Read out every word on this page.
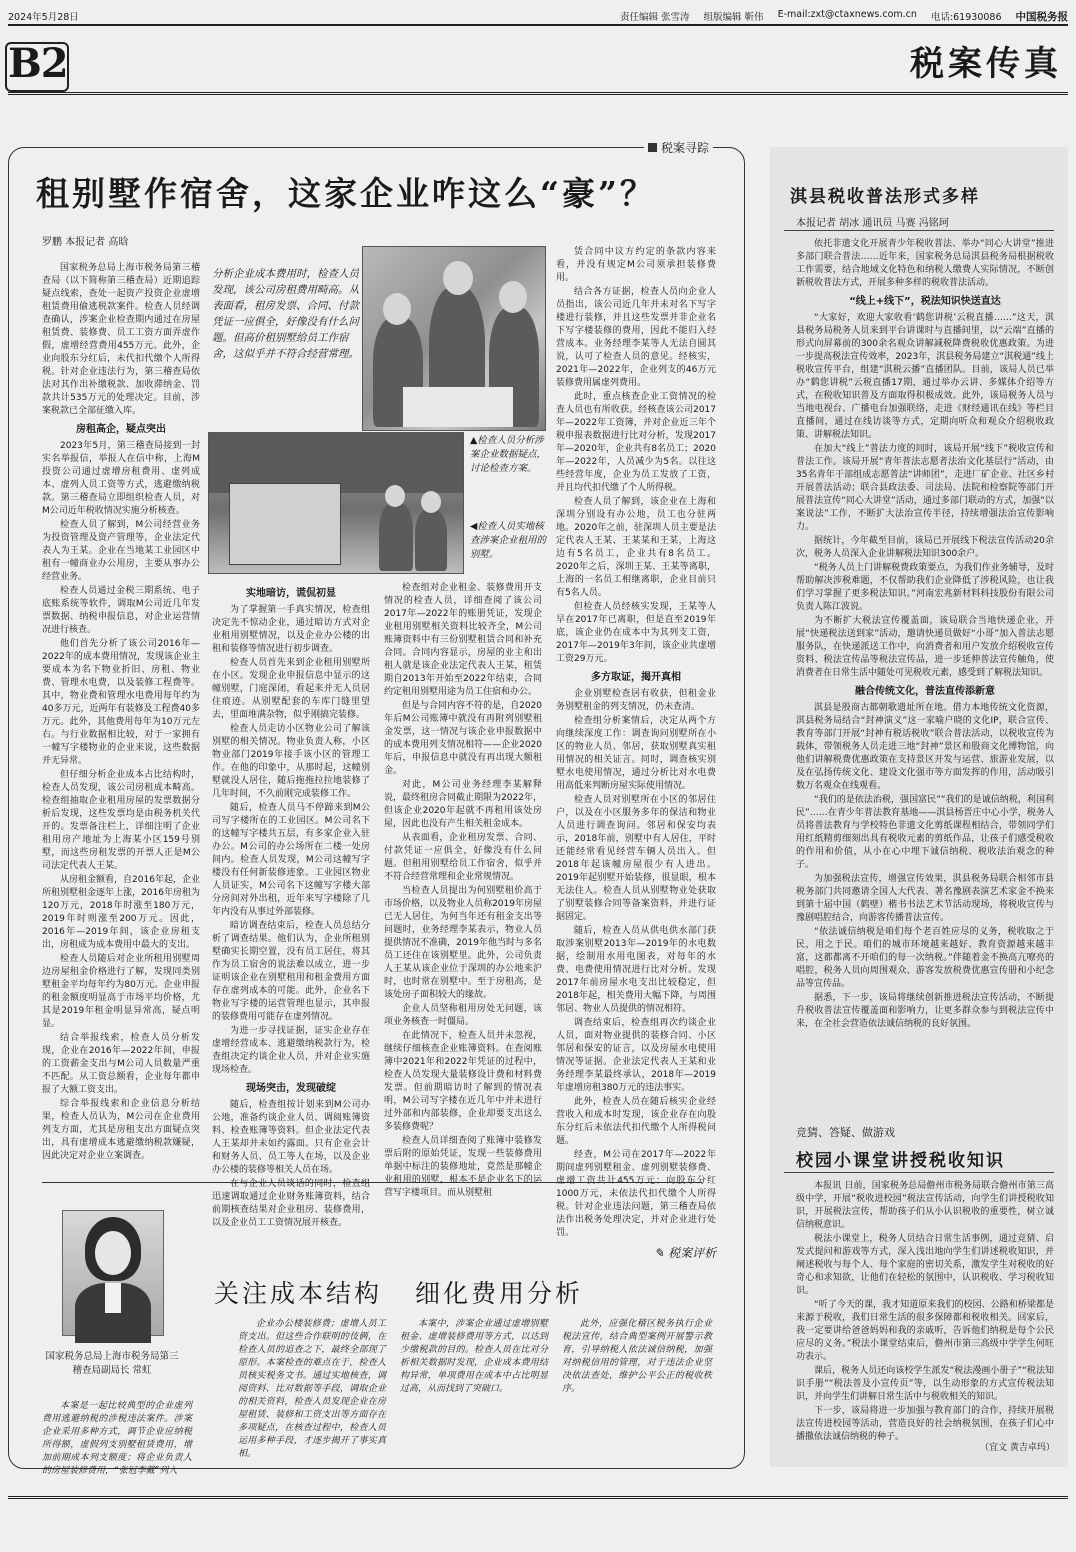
2024年5月28日	责任编辑 张雪涛 组版编辑 靳伟 E-mail:zxt@ctaxnews.com.cn 电话:61930086 中国税务报
B2	税案传真
税案寻踪
租别墅作宿舍，这家企业咋这么“豪”？
罗鹏 本报记者 高晗

国家税务总局上海市税务局第三稽查局（以下简称第三稽查局）近期追踪疑点线索，查处一起资产投资企业虚增租赁费用偷逃税款案件。检查人员经调查确认，涉案企业检查期内通过在房屋租赁费、装修费、员工工资方面弄虚作假，虚增经营费用455万元。此外，企业向股东分红后，未代扣代缴个人所得税。针对企业违法行为，第三稽查局依法对其作出补缴税款、加收滞纳金、罚款共计535万元的处理决定。目前，涉案税款已全部征缴入库。

房租高企，疑点突出

2023年5月，第三稽查局接到一封实名举报信，举报人在信中称，上海M投资公司通过虚增房租费用、虚列成本、虚列人员工资等方式，逃避缴纳税款。第三稽查局立即组织检查人员，对M公司近年税收情况实施分析核查。

检查人员了解到，M公司经营业务为投资管理及资产管理等，企业法定代表人为王某。企业在当地某工业园区中租有一幢商业办公用房，主要从事办公经营业务。

检查人员通过金税三期系统、电子底账系统等软件，调取M公司近几年发票数据、纳税申报信息，对企业运营情况进行核查。

他们首先分析了该公司2016年—2022年的成本费用情况，发现该企业主要成本为名下物业折旧、房租、物业费、管理水电费，以及装修工程费等。其中，物业费和管理水电费用每年约为40多万元，近两年有装修及工程费40多万元。此外，其他费用每年为10万元左右。与行业数据相比较，对于一家拥有一幢写字楼物业的企业来说，这些数据并无异常。

但仔细分析企业成本占比结构时，检查人员发现，该公司房租成本畸高。检查组抽取企业租用房屋的发票数据分析后发现，这些发票均是由税务机关代开的。发票备注栏上，详细注明了企业租用房产地址为上海某小区159号别墅，而这些房租发票的开票人正是M公司法定代表人王某。

从房租金额看，自2016年起，企业所租别墅租金逐年上涨，2016年房租为120万元，2018年时涨至180万元，2019年时则涨至200万元。因此，2016年—2019年间，该企业房租支出，房租成为成本费用中最大的支出。

检查人员随后对企业所租用别墅周边房屋租金价格进行了解，发现同类别墅租金平均每年约为80万元。企业申报的租金额度明显高于市场平均价格，尤其是2019年租金明显异常高，疑点明显。

结合举报线索，检查人员分析发现，企业在2016年—2022年间，申报的工资薪金支出与M公司人员数量严重不匹配。从工资总额看，企业每年都申报了大额工资支出。

综合举报线索和企业信息分析结果，检查人员认为，M公司在企业费用列支方面，尤其是房租支出方面疑点突出，具有虚增成本逃避缴纳税款嫌疑，因此决定对企业立案调查。

分析企业成本费用时，检查人员发现，该公司房租费用畸高。从表面看，租房发票、合同、付款凭证一应俱全，好像没有什么问题。但高价租别墅给员工作宿舍，这似乎并不符合经营常理。
▲检查人员分析涉案企业数据疑点，讨论检查方案。
◀检查人员实地核查涉案企业租用的别墅。
实地暗访，谎侃初显

为了掌握第一手真实情况，检查组决定先不惊动企业，通过暗访方式对企业租用别墅情况，以及企业办公楼的出租和装修等情况进行初步调查。

检查人员首先来到企业租用别墅所在小区。发现企业申报信息中显示的这幢别墅，门庭深闭，看起来并无人员居住痕迹。从别墅配套的车库门缝里望去，里面堆满杂物，似乎刚搞完装修。

检查人员走访小区物业公司了解该别墅的相关情况。物业负责人称，小区物业部门2019年接手该小区的管理工作。在他的印象中，从那时起，这幢别墅就没人居住，随后拖拖拉拉地装修了几年时间，不久前刚完成装修工作。

随后，检查人员马不停蹄来到M公司写字楼所在的工业园区。M公司名下的这幢写字楼共五层，有多家企业入驻办公。M公司的办公场所在二楼一处房间内。检查人员发现，M公司这幢写字楼没有任何新装修迹象。工业园区物业人员证实，M公司名下这幢写字楼大部分房间对外出租，近年来写字楼除了几年内没有从事过外部装修。

暗访调查结束后，检查人员总结分析了调查结果。他们认为，企业所租别墅确实长期空置，没有员工居住，将其作为员工宿舍的说法难以成立，进一步证明该企业在别墅租用和租金费用方面存在虚列成本的可能。此外，企业名下物业写字楼的运营管理也显示，其申报的装修费用可能存在虚列情况。

为进一步寻找证据，证实企业存在虚增经营成本、逃避缴纳税款行为，检查组决定约谈企业人员，并对企业实施现场检查。

现场突击，发现破绽

随后，检查组按计划来到M公司办公地，准备约谈企业人员、调阅账簿资料、检查账簿等资料。但企业法定代表人王某却并未如约露面。只有企业会计和财务人员、员工等人在场，以及企业办公楼的装修等相关人员在场。

在与企业人员谈话的同时，检查组迅速调取通过企业财务账簿资料，结合前期核查结果对企业租房、装修费用，以及企业员工工资情况展开核查。

检查组对企业租金、装修费用开支情况的检查人员，详细查阅了该公司2017年—2022年的账册凭证，发现企业租用别墅相关资料比较齐全，M公司账簿资料中有三份别墅租赁合同和补充合同。合同内容显示，房屋的业主和出租人就是该企业法定代表人王某，租赁期自2013年开始至2022年结束，合同约定租用别墅用途为员工住宿和办公。

但是与合同内容不符的是，自2020年后M公司账簿中就没有再附列别墅租金发票，这一情况与该企业申报数据中的成本费用列支情况相符——企业2020年后，申报信息中就没有再出现大额租金。

对此，M公司业务经理李某解释说，最终租房合同截止期限为2022年，但该企业2020年起就不再租用该处房屋，因此也没有产生相关租金成本。

从表面看，企业租房发票、合同、付款凭证一应俱全，好像没有什么问题。但租用别墅给员工作宿舍，似乎并不符合经营常理和企业常规情况。

当检查人员提出为何别墅租价高于市场价格，以及物业人员称2019年房屋已无人居住，为何当年还有租金支出等问题时，业务经理李某表示，物业人员提供情况不准确，2019年他当时与多名员工还住在该别墅里。此外，公司负责人王某从该企业位于深圳的办公地来沪时，也时常在别墅中。至于房租高，是该处房子面积较大的缘故。

企业人员坚称租用房处无问题，该项业务核查一时僵局。

在此情况下，检查人员并未忽视，继续仔细核查企业账簿资料。在查阅账簿中2021年和2022年凭证的过程中，检查人员发现大量装修设计费和材料费发票。但前期暗访时了解到的情况表明，M公司写字楼在近几年中并未进行过外部和内部装修，企业却要支出这么多装修费呢？

检查人员详细查阅了账簿中装修发票后附的原始凭证，发现一些装修费用单据中标注的装修地址，竟然是那幢企业租用的别墅，根本不是企业名下的运营写字楼项目。而从别墅租

赁合同中议方约定的条款内容来看，并没有规定M公司须承担装修费用。

结合各方证据，检查人员向企业人员指出，该公司近几年并未对名下写字楼进行装修，并且这些发票并非企业名下写字楼装修的费用，因此不能归入经营成本。业务经理李某等人无法自圆其说，认可了检查人员的意见。经核实，2021年—2022年，企业列支的46万元装修费用属虚列费用。

此时，重点核查企业工资情况的检查人员也有所收获。经核查该公司2017年—2022年工资簿，并对企业近三年个税申报表数据进行比对分析，发现2017年—2020年，企业共有8名员工；2020年—2022年，人员减少为5名。以往这些经营年度，企业为员工发放了工资，并且均代扣代缴了个人所得税。

检查人员了解到，该企业在上海和深圳分别设有办公地，员工也分驻两地。2020年之前，驻深圳人员主要是法定代表人王某、王某某和王某，上海这边有5名员工，企业共有8名员工。2020年之后，深圳王某、王某等离职，上海的一名员工相继离职，企业目前只有5名人员。

但检查人员经核实发现，王某等人早在2017年已离职，但是直至2019年底，该企业仍在成本中为其列支工资，2017年—2019年3年间，该企业共虚增工资29万元。

多方取证，揭开真相

企业别墅检查居有收获，但租金业务别墅租金的列支情况，仍未查清。

检查组分析案情后，决定从两个方向继续深度工作：调查询问别墅所在小区的物业人员、邻居，获取别墅真实租用情况的相关证言。同时，调查核实别墅水电使用情况，通过分析比对水电费用高低来判断房屋实际使用情况。

检查人员对别墅所在小区的邻居住户，以及在小区服务多年的保洁和物业人员进行调查询问。邻居和保安均表示，2018年前，别墅中有人居住，平时还能经常看见经营车辆人员出入。但2018年起该幢房屋很少有人进出。2019年起别墅开始装修，很显眼，根本无法住人。检查人员从别墅物业处获取了别墅装修合同等备案资料，并进行证据固定。

随后，检查人员从供电供水部门获取涉案别墅2013年—2019年的水电数据，绘制用水用电图表，对每年的水费、电费使用情况进行比对分析。发现2017年前房屋水电支出比较稳定，但2018年起，相关费用大幅下降，与周围邻居、物业人员提供的情况相符。

调查结束后，检查组再次约谈企业人员，面对物业提供的装修合同、小区邻居和保安的证言，以及房屋水电使用情况等证据。企业法定代表人王某和业务经理李某最终承认，2018年—2019年虚增房租380万元的违法事实。

此外，检查人员在随后核实企业经营收入和成本时发现，该企业存在向股东分红后未依法代扣代缴个人所得税问题。

经查，M公司在2017年—2022年期间虚列别墅租金、虚列别墅装修费、虚增工资共计455万元；向股东分红1000万元，未依法代扣代缴个人所得税。针对企业违法问题，第三稽查局依法作出税务处理决定，并对企业进行处罚。

✎ 税案评析
关注成本结构 细化费用分析
国家税务总局上海市税务局第三稽查局副局长 常虹

本案是一起比较典型的企业虚列费用逃避纳税的涉税违法案件。涉案企业采用多种方式，调节企业应纳税所得额，虚假列支别墅租赁费用，增加前期成本列支额度；将企业负责人的房屋装修费用，“张冠李戴”列入

企业办公楼装修费；虚增人员工资支出。但这些合作联明的伎俩，在检查人员的追查之下，最终全部现了原形。本案检查的难点在于，检查人员核实税务文书。通过实地核查，调阅资料、比对数据等手段，调取企业的相关资料，检查人员发现企业在房屋租赁、装修和工资支出等方面存在多项疑点，在核查过程中，检查人员运用多种手段，才逐步揭开了事实真相。

本案中，涉案企业通过虚增别墅租金、虚增装修费用等方式，以达到少缴税款的目的。检查人员在比对分析相关数据时发现，企业成本费用结构异常，单项费用在成本中占比明显过高，从而找到了突破口。

此外，应强化稽区税务执行企业税法宣传，结合典型案例开展警示教育，引导纳税人依法诚信纳税，加强对纳税信用的管理，对于违法企业坚决依法查处，维护公平公正的税收秩序。

淇县税收普法形式多样
本报记者 胡冰 通讯员 马赛 冯铭珂

依托非遗文化开展青少年税收普法、举办“同心大讲堂”推进多部门联合普法……近年来，国家税务总局淇县税务局根据税收工作需要，结合地域文化特色和纳税人缴费人实际情况，不断创新税收普法方式，开展多种多样的税收普法活动。

“线上+线下”，税法知识快送直达

“大家好，欢迎大家收看‘鹤您讲税’云税直播……”这天，淇县税务局税务人员来到平台讲课时与直播间里，以“云端”直播的形式向屏幕前的300余名观众讲解减税降费税收优惠政策。为进一步提高税法宣传效率，2023年，淇县税务局建立“淇税通”线上税收宣传平台，组建“淇税云播”直播团队。目前，该局人员已举办“鹤您讲税”云税直播17期，通过举办云讲、多媒体介绍等方式，在税收知识普及方面取得积极成效。此外，该局税务人员与当地电视台、广播电台加强联络，走进《财经通讯在线》等栏目直播间，通过在线访谈等方式，定期向听众和观众介绍税收政策、讲解税法知识。

在加大“线上”普法力度的同时，该局开展“线下”税收宣传和普法工作。该局开展“青年普法志愿者法治文化基层行”活动，由35名青年干部组成志愿普法“讲师团”，走进厂矿企业、社区乡村开展普法活动；联合县政法委、司法局、法院和检察院等部门开展普法宣传“同心大讲堂”活动，通过多部门联动的方式，加强“以案说法”工作，不断扩大法治宣传半径，持续增强法治宣传影响力。

据统计，今年截至目前，该局已开展线下税法宣传活动20余次，税务人员深入企业讲解税法知识300余户。

“税务人员上门讲解税费政策要点，为我们作业务辅导，及时帮助解决涉税难题，不仅帮助我们企业降低了涉税风险，也让我们学习掌握了更多税法知识。”河南宏兆新材料科技股份有限公司负责人陈江波说。

为不断扩大税法宣传覆盖面，该局联合当地快递企业，开展“快递税法送到家”活动，邀请快递员做好“小哥”加入普法志愿服务队，在快递派送工作中，向消费者和用户发放介绍税收宣传资料、税法宣传品等税法宣传品，进一步延伸普法宣传触角，使消费者在日常生活中随处可见税收元素，感受到了解税法知识。

融合传统文化，普法直传添新意

淇县是殷商古都朝歌遗址所在地。借力本地传统文化资源，淇县税务局结合“封神演义”这一家喻户晓的文化IP，联合宣传、教育等部门开展“封神有税话税收”联合普法活动，以税收宣传为载体，带领税务人员走进三地“封神”景区和殷商文化博物馆，向他们讲解税费优惠政策在支持景区开发与运营、旅游业发展，以及在弘扬传统文化、建设文化强市等方面发挥的作用，活动吸引数万名观众在线观看。

“我们的是依法治税，强国富民”“我们的是诚信纳税，利国利民”……在青少年普法教育基地——淇县杨晋庄中心小学，税务人员将普法教育与学校特色非遗文化剪纸课程相结合，带领同学们用红纸精剪细刻出具有税收元素的剪纸作品，让孩子们感受税收的作用和价值，从小在心中埋下诚信纳税、税收法治观念的种子。

为加强税法宣传，增强宣传效果，淇县税务局联合相邻市县税务部门共同邀请全国人大代表、著名豫剧表演艺术家金不换来到第十届中国（鹤壁）楷书书法艺术节活动现场，将税收宣传与豫剧唱腔结合，向游客传播普法宣传。

“依法诚信纳税是咱们每个老百姓应尽的义务，税收取之于民，用之于民。咱们的城市环境越来越好、教育资源越来越丰富，这都都离不开咱们的每一次纳税。”伴随着金不换高亢嘹亮的唱腔，税务人员向周围观众、游客发放税费优惠宣传册和小纪念品等宣传品。

据悉，下一步，该局将继续创新推进税法宣传活动，不断提升税收普法宣传覆盖面和影响力，让更多群众参与到税法宣传中来，在全社会营造依法诚信纳税的良好氛围。

竞猜、答疑、做游戏
校园小课堂讲授税收知识

本报讯 日前，国家税务总局儋州市税务局联合儋州市第三高级中学，开展“税收进校园”税法宣传活动，向学生们讲授税收知识，开展税法宣传，帮助孩子们从小认识税收的重要性，树立诚信纳税意识。

税法小课堂上，税务人员结合日常生活事例，通过竞猜、启发式提问和游戏等方式，深入浅出地向学生们讲述税收知识，并阐述税收与每个人、每个家庭的密切关系，激发学生对税收的好奇心和求知欲，让他们在轻松的氛围中，认识税收、学习税收知识。

“听了今天的课，我才知道原来我们的校园、公路和桥梁都是来源于税收，我们日常生活的很多保障都和税收相关。回家后，我一定要讲给爸爸妈妈和我的亲戚听，告诉他们纳税是每个公民应尽的义务。”税法小课堂结束后，儋州市第三高级中学学生何旺功表示。

课后，税务人员还向该校学生派发“税法漫画小册子”“税法知识手册”“税法普及小宣传页”等，以生动形象的方式宣传税法知识，并向学生们讲解日常生活中与税收相关的知识。

下一步，该局将进一步加强与教育部门的合作，持续开展税法宣传进校园等活动，营造良好的社会纳税氛围，在孩子们心中播撒依法诚信纳税的种子。

（宜文 黄吉卓玛）
